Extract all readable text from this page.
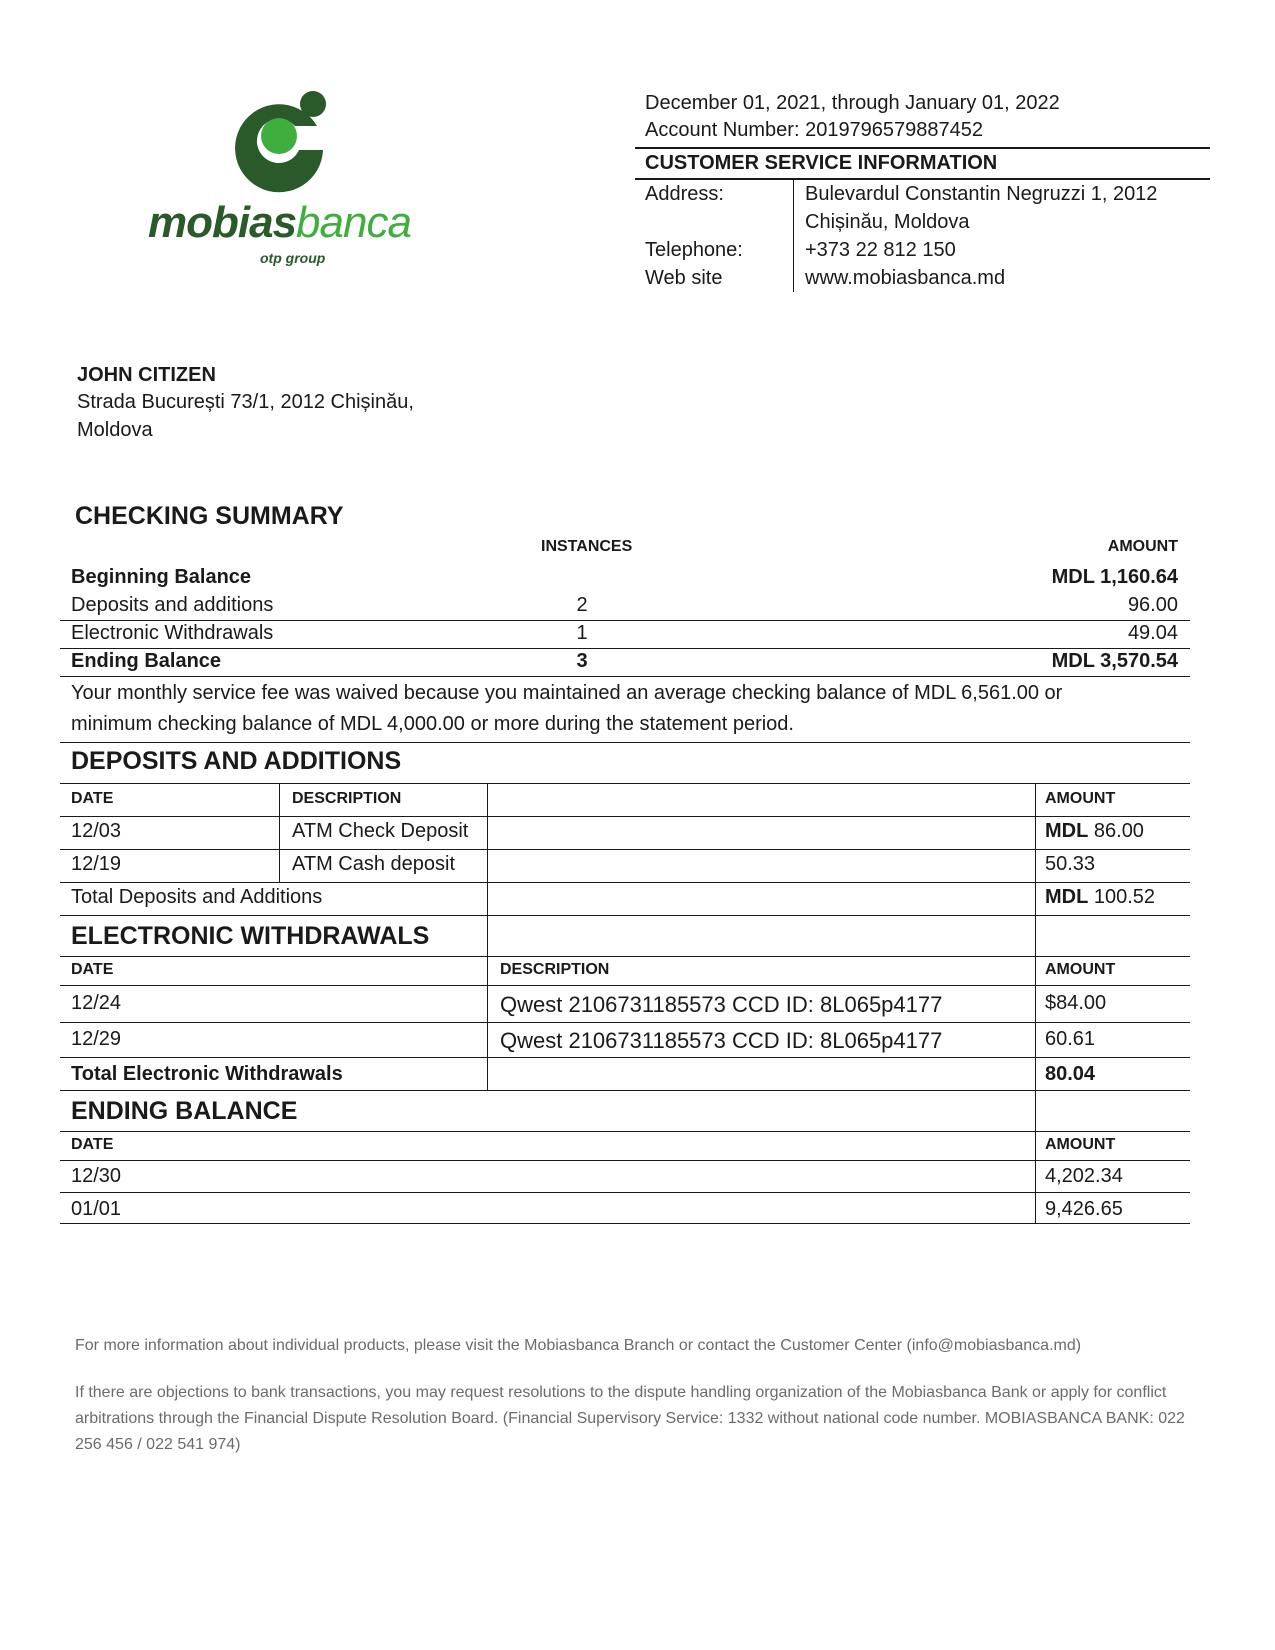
mobiasbanca
otp group
December 01, 2021, through January 01, 2022
Account Number: 2019796579887452
CUSTOMER SERVICE INFORMATION
Address:	Bulevardul Constantin Negruzzi 1, 2012
Chișinău, Moldova
Telephone:	+373 22 812 150
Web site	www.mobiasbanca.md
JOHN CITIZEN
Strada București 73/1, 2012 Chișinău,
Moldova
CHECKING SUMMARY
INSTANCES	AMOUNT
Beginning Balance	MDL 1,160.64
Deposits and additions	2	96.00
Electronic Withdrawals	1	49.04
Ending Balance	3	MDL 3,570.54
Your monthly service fee was waived because you maintained an average checking balance of MDL 6,561.00 or
minimum checking balance of MDL 4,000.00 or more during the statement period.
DEPOSITS AND ADDITIONS
DATE	DESCRIPTION	AMOUNT
12/03	ATM Check Deposit	MDL 86.00
12/19	ATM Cash deposit	50.33
Total Deposits and Additions	MDL 100.52
ELECTRONIC WITHDRAWALS
DATE	DESCRIPTION	AMOUNT
12/24	Qwest 2106731185573 CCD ID: 8L065p4177	$84.00
12/29	Qwest 2106731185573 CCD ID: 8L065p4177	60.61
Total Electronic Withdrawals	80.04
ENDING BALANCE
DATE	AMOUNT
12/30	4,202.34
01/01	9,426.65
For more information about individual products, please visit the Mobiasbanca Branch or contact the Customer Center (info@mobiasbanca.md)
If there are objections to bank transactions, you may request resolutions to the dispute handling organization of the Mobiasbanca Bank or apply for conflict arbitrations through the Financial Dispute Resolution Board. (Financial Supervisory Service: 1332 without national code number. MOBIASBANCA BANK: 022 256 456 / 022 541 974)
